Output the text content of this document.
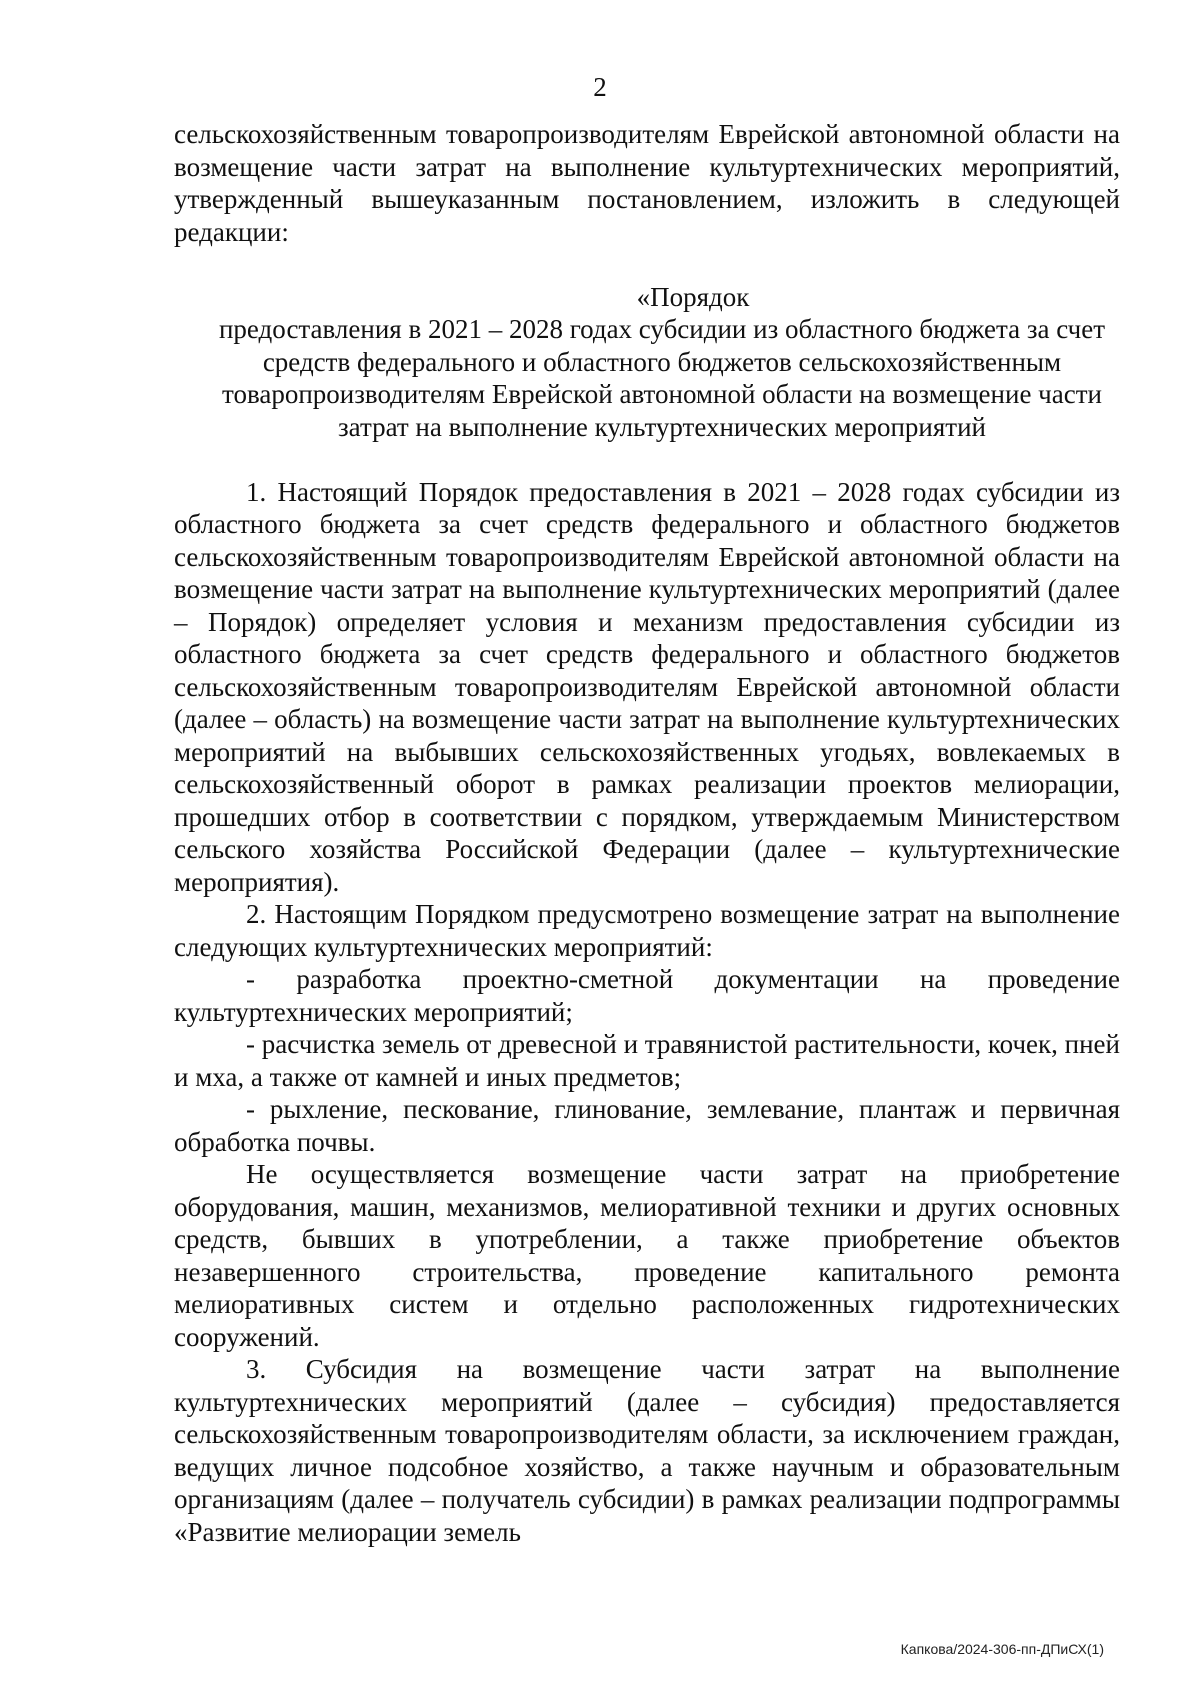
2

сельскохозяйственным товаропроизводителям Еврейской автономной области на возмещение части затрат на выполнение культуртехнических мероприятий, утвержденный вышеуказанным постановлением, изложить в следующей редакции:

«Порядок

предоставления в 2021 – 2028 годах субсидии из областного бюджета за счет средств федерального и областного бюджетов сельскохозяйственным товаропроизводителям Еврейской автономной области на возмещение части затрат на выполнение культуртехнических мероприятий

1. Настоящий Порядок предоставления в 2021 – 2028 годах субсидии из областного бюджета за счет средств федерального и областного бюджетов сельскохозяйственным товаропроизводителям Еврейской автономной области на возмещение части затрат на выполнение культуртехнических мероприятий (далее – Порядок) определяет условия и механизм предоставления субсидии из областного бюджета за счет средств федерального и областного бюджетов сельскохозяйственным товаропроизводителям Еврейской автономной области (далее – область) на возмещение части затрат на выполнение культуртехнических мероприятий на выбывших сельскохозяйственных угодьях, вовлекаемых в сельскохозяйственный оборот в рамках реализации проектов мелиорации, прошедших отбор в соответствии с порядком, утверждаемым Министерством сельского хозяйства Российской Федерации (далее – культуртехнические мероприятия).

2. Настоящим Порядком предусмотрено возмещение затрат на выполнение следующих культуртехнических мероприятий:

- разработка проектно-сметной документации на проведение культуртехнических мероприятий;

- расчистка земель от древесной и травянистой растительности, кочек, пней и мха, а также от камней и иных предметов;

- рыхление, пескование, глинование, землевание, плантаж и первичная обработка почвы.

Не осуществляется возмещение части затрат на приобретение оборудования, машин, механизмов, мелиоративной техники и других основных средств, бывших в употреблении, а также приобретение объектов незавершенного строительства, проведение капитального ремонта мелиоративных систем и отдельно расположенных гидротехнических сооружений.

3. Субсидия на возмещение части затрат на выполнение культуртехнических мероприятий (далее – субсидия) предоставляется сельскохозяйственным товаропроизводителям области, за исключением граждан, ведущих личное подсобное хозяйство, а также научным и образовательным организациям (далее – получатель субсидии) в рамках реализации подпрограммы «Развитие мелиорации земель

Капкова/2024-306-пп-ДПиСХ(1)
